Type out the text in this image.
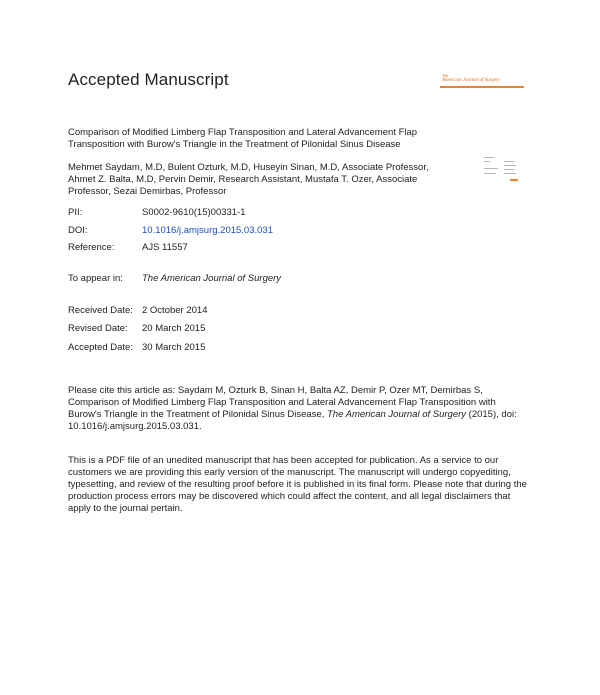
Accepted Manuscript	The
American Journal of Surgery
Comparison of Modified Limberg Flap Transposition and Lateral Advancement Flap Transposition with Burow's Triangle in the Treatment of Pilonidal Sinus Disease
Mehmet Saydam, M.D, Bulent Ozturk, M.D, Huseyin Sinan, M.D, Associate Professor, Ahmet Z. Balta, M.D, Pervin Demir, Research Assistant, Mustafa T. Ozer, Associate Professor, Sezai Demirbas, Professor
PII:	S0002-9610(15)00331-1
DOI:	10.1016/j.amjsurg.2015.03.031
Reference:	AJS 11557
To appear in: The American Journal of Surgery
Received Date: 2 October 2014
Revised Date: 20 March 2015
Accepted Date: 30 March 2015
Please cite this article as: Saydam M, Ozturk B, Sinan H, Balta AZ, Demir P, Ozer MT, Demirbas S, Comparison of Modified Limberg Flap Transposition and Lateral Advancement Flap Transposition with Burow's Triangle in the Treatment of Pilonidal Sinus Disease, The American Journal of Surgery (2015), doi: 10.1016/j.amjsurg.2015.03.031.
This is a PDF file of an unedited manuscript that has been accepted for publication. As a service to our customers we are providing this early version of the manuscript. The manuscript will undergo copyediting, typesetting, and review of the resulting proof before it is published in its final form. Please note that during the production process errors may be discovered which could affect the content, and all legal disclaimers that apply to the journal pertain.
